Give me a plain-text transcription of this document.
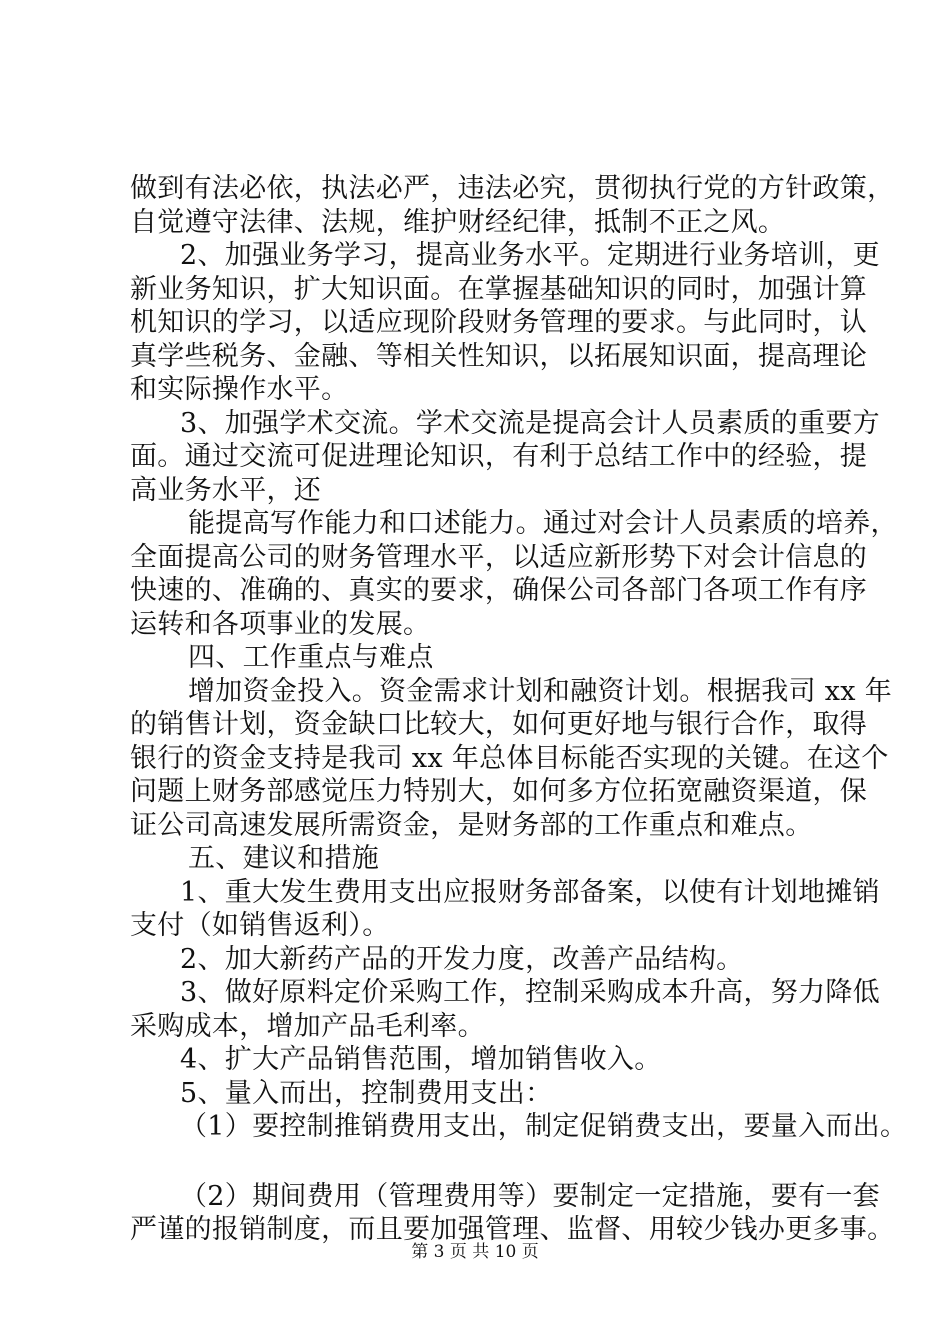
做到有法必依，执法必严，违法必究，贯彻执行党的方针政策，
自觉遵守法律、法规，维护财经纪律，抵制不正之风。
2、加强业务学习，提高业务水平。定期进行业务培训，更
新业务知识，扩大知识面。在掌握基础知识的同时，加强计算
机知识的学习，以适应现阶段财务管理的要求。与此同时，认
真学些税务、金融、等相关性知识，以拓展知识面，提高理论
和实际操作水平。
3、加强学术交流。学术交流是提高会计人员素质的重要方
面。通过交流可促进理论知识，有利于总结工作中的经验，提
高业务水平，还
能提高写作能力和口述能力。通过对会计人员素质的培养，
全面提高公司的财务管理水平，以适应新形势下对会计信息的
快速的、准确的、真实的要求，确保公司各部门各项工作有序
运转和各项事业的发展。
四、工作重点与难点
增加资金投入。资金需求计划和融资计划。根据我司 xx 年
的销售计划，资金缺口比较大，如何更好地与银行合作，取得
银行的资金支持是我司 xx 年总体目标能否实现的关键。在这个
问题上财务部感觉压力特别大，如何多方位拓宽融资渠道，保
证公司高速发展所需资金，是财务部的工作重点和难点。
五、建议和措施
1、重大发生费用支出应报财务部备案，以使有计划地摊销
支付（如销售返利）。
2、加大新药产品的开发力度，改善产品结构。
3、做好原料定价采购工作，控制采购成本升高，努力降低
采购成本，增加产品毛利率。
4、扩大产品销售范围，增加销售收入。
5、量入而出，控制费用支出：
（1）要控制推销费用支出，制定促销费支出，要量入而出。
（2）期间费用（管理费用等）要制定一定措施，要有一套
严谨的报销制度，而且要加强管理、监督、用较少钱办更多事。
第 3 页 共 10 页
